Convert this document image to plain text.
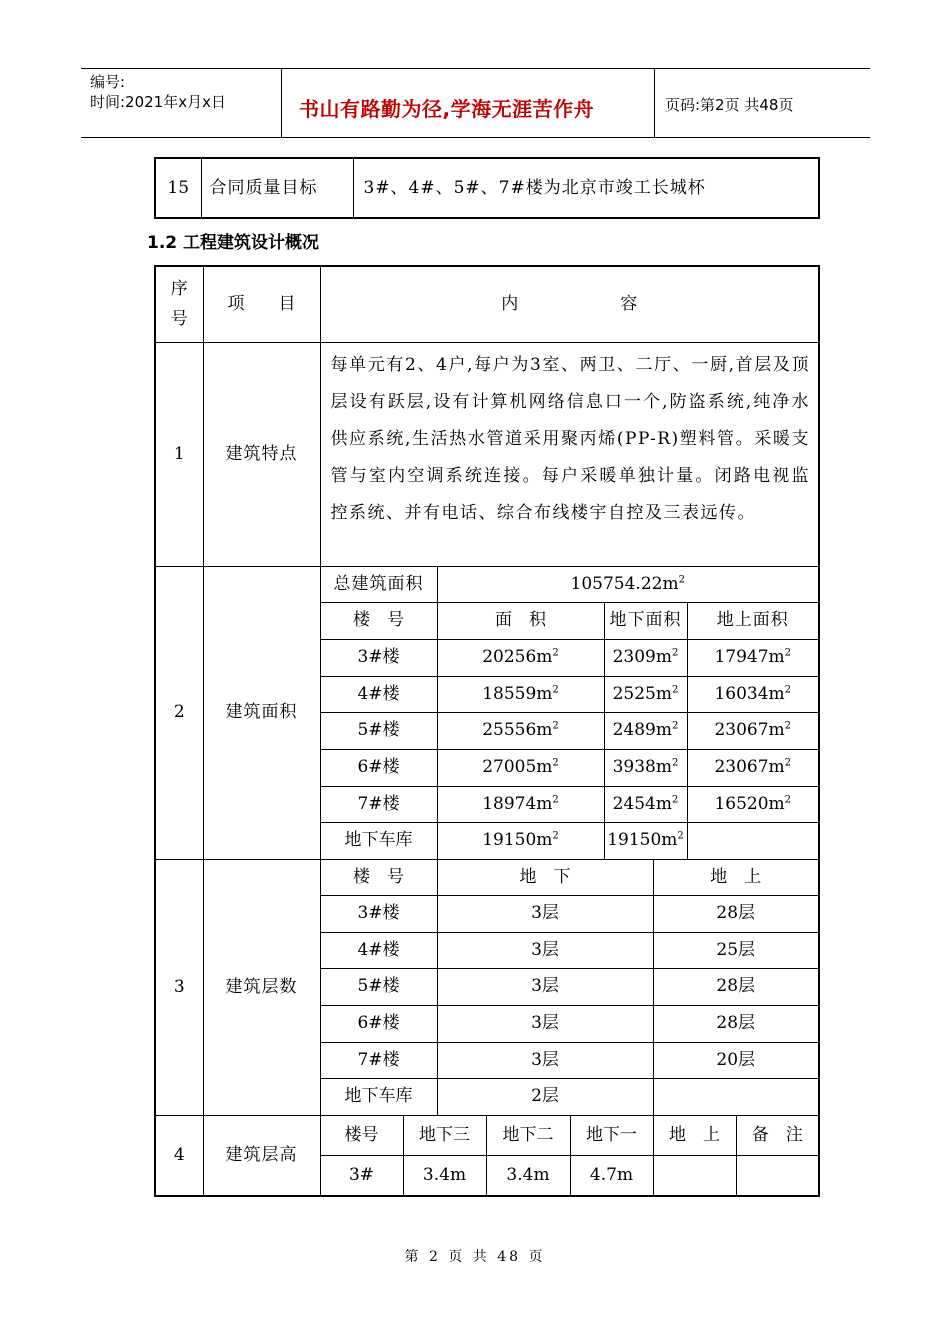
编号:
时间:2021年x月x日	书山有路勤为径,学海无涯苦作舟	页码:第2页 共48页
15	合同质量目标	3#、4#、5#、7#楼为北京市竣工长城杯
1.2 工程建筑设计概况
序
号	项　　目	内　　　　　　容								
1	建筑特点	每单元有2、4户,每户为3室、两卫、二厅、一厨,首层及顶层设有跃层,设有计算机网络信息口一个,防盗系统,纯净水供应系统,生活热水管道采用聚丙烯(PP-R)塑料管。采暖支管与室内空调系统连接。每户采暖单独计量。闭路电视监控系统、并有电话、综合布线楼宇自控及三表远传。								
2	建筑面积	总建筑面积		$105754.22m^2$
		楼　号		面　积			地下面积		地上面积	
		3#楼		$20256m^2$			$2309m^2$		$17947m^2$
		4#楼		$18559m^2$			$2525m^2$		$16034m^2$
		5#楼		$25556m^2$			$2489m^2$		$23067m^2$
		6#楼		$27005m^2$			$3938m^2$		$23067m^2$
		7#楼		$18974m^2$			$2454m^2$		$16520m^2$
		地下车库		$19150m^2$			$19150m^2$	
3	建筑层数	楼　号		地　下				地　上		
		3#楼		3层				28层		
		4#楼		3层				25层		
		5#楼		3层				28层		
		6#楼		3层				28层		
		7#楼		3层				20层		
		地下车库		2层						
4	建筑层高	楼号	地下三		地下二	地下一		地　上		备　注
		3#	3.4m		3.4m	4.7m				
第 2 页 共 48 页
